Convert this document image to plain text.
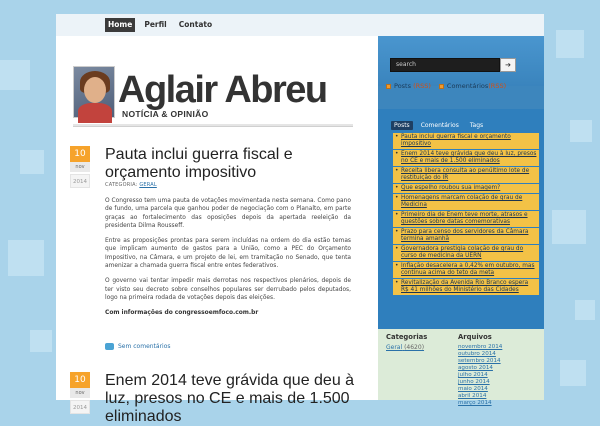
Home	Perfil	Contato
Aglair Abreu
NOTÍCIA & OPINIÃO
10
nov
2014
Pauta inclui guerra fiscal e orçamento impositivo
CATEGORIA: GERAL

O Congresso tem uma pauta de votações movimentada nesta semana. Como pano de fundo, uma parcela que ganhou poder de negociação com o Planalto, em parte graças ao fortalecimento das oposições depois da apertada reeleição da presidenta Dilma Rousseff.

Entre as proposições prontas para serem incluídas na ordem do dia estão temas que implicam aumento de gastos para a União, como a PEC do Orçamento Impositivo, na Câmara, e um projeto de lei, em tramitação no Senado, que tenta amenizar a chamada guerra fiscal entre entes federativos.

O governo vai tentar impedir mais derrotas nos respectivos plenários, depois de ter visto seu decreto sobre conselhos populares ser derrubado pelos deputados, logo na primeira rodada de votações depois das eleições.

Com informações do congressoemfoco.com.br

Sem comentários
10
nov
2014
Enem 2014 teve grávida que deu à luz, presos no CE e mais de 1.500 eliminados
search	➔
Posts (RSS)	Comentários(RSS)
Posts	Comentários	Tags
• Pauta inclui guerra fiscal e orçamento impositivo
• Enem 2014 teve grávida que deu à luz, presos no CE e mais de 1.500 eliminados
• Receita libera consulta ao penúltimo lote de restituição do IR
• Que espelho roubou sua imagem?
• Homenagens marcam colação de grau de Medicina
• Primeiro dia de Enem teve morte, atrasos e questões sobre datas comemorativas
• Prazo para censo dos servidores da Câmara termina amanhã
• Governadora prestigia colação de grau do curso de medicina da UERN
• Inflação desacelera a 0,42% em outubro, mas continua acima do teto da meta
• Revitalização da Avenida Rio Branco espera R$ 41 milhões do Ministério das Cidades
Categorias
Geral (4620)
Arquivos
novembro 2014
outubro 2014
setembro 2014
agosto 2014
julho 2014
junho 2014
maio 2014
abril 2014
março 2014
